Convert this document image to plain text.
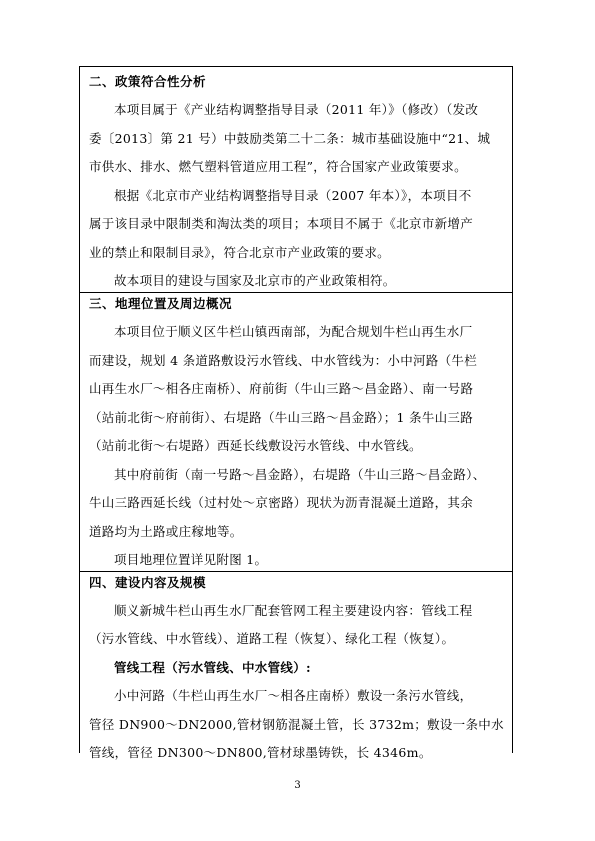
二、政策符合性分析
本项目属于《产业结构调整指导目录（2011 年）》（修改）（发改
委〔2013〕第 21 号）中鼓励类第二十二条：城市基础设施中“21、城
市供水、排水、燃气塑料管道应用工程”，符合国家产业政策要求。
根据《北京市产业结构调整指导目录（2007 年本）》，本项目不
属于该目录中限制类和淘汰类的项目；本项目不属于《北京市新增产
业的禁止和限制目录》，符合北京市产业政策的要求。
故本项目的建设与国家及北京市的产业政策相符。
三、地理位置及周边概况
本项目位于顺义区牛栏山镇西南部，为配合规划牛栏山再生水厂
而建设，规划 4 条道路敷设污水管线、中水管线为：小中河路（牛栏
山再生水厂～相各庄南桥）、府前街（牛山三路～昌金路）、南一号路
（站前北街～府前街）、右堤路（牛山三路～昌金路）；1 条牛山三路
（站前北街～右堤路）西延长线敷设污水管线、中水管线。
其中府前街（南一号路～昌金路），右堤路（牛山三路～昌金路）、
牛山三路西延长线（过村处～京密路）现状为沥青混凝土道路，其余
道路均为土路或庄稼地等。
项目地理位置详见附图 1。
四、建设内容及规模
顺义新城牛栏山再生水厂配套管网工程主要建设内容：管线工程
（污水管线、中水管线）、道路工程（恢复）、绿化工程（恢复）。
管线工程（污水管线、中水管线）:
小中河路（牛栏山再生水厂～相各庄南桥）敷设一条污水管线，
管径 DN900～DN2000,管材钢筋混凝土管，长 3732m；敷设一条中水
管线，管径 DN300～DN800,管材球墨铸铁，长 4346m。
3
